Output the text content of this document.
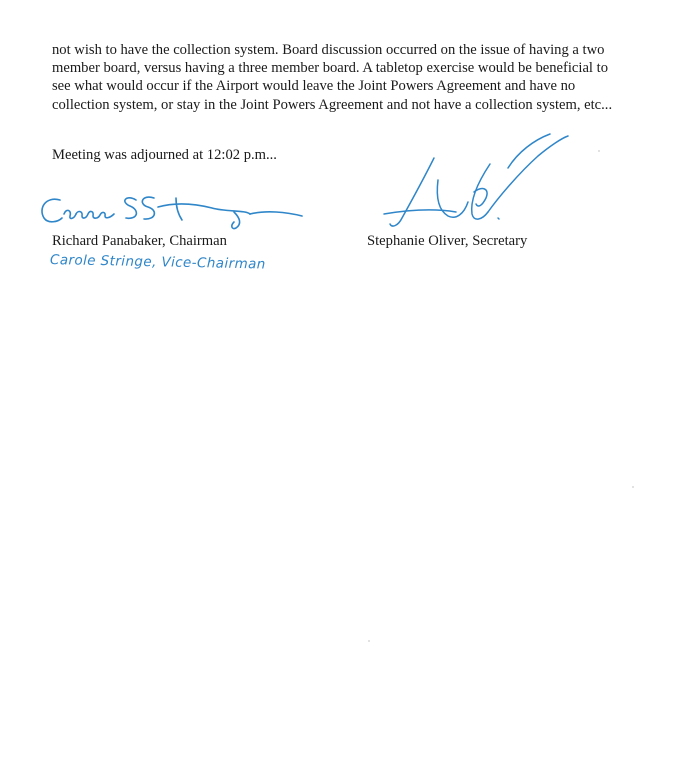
not wish to have the collection system. Board discussion occurred on the issue of having a two
member board, versus having a three member board. A tabletop exercise would be beneficial to
see what would occur if the Airport would leave the Joint Powers Agreement and have no
collection system, or stay in the Joint Powers Agreement and not have a collection system, etc...

Meeting was adjourned at 12:02 p.m...
Richard Panabaker, Chairman	Stephanie Oliver, Secretary
Carole Stringe, Vice-Chairman
